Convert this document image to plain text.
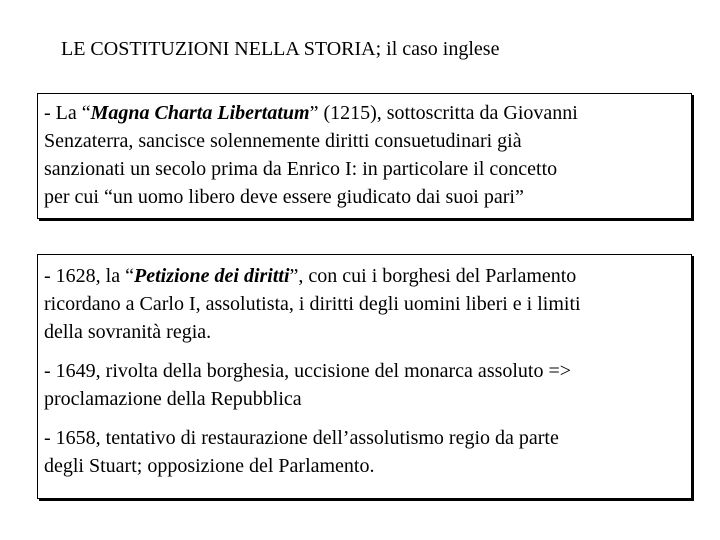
LE COSTITUZIONI NELLA STORIA; il caso inglese

- La “Magna Charta Libertatum” (1215), sottoscritta da Giovanni
Senzaterra, sancisce solennemente diritti consuetudinari già
sanzionati un secolo prima da Enrico I: in particolare il concetto
per cui “un uomo libero deve essere giudicato dai suoi pari”

- 1628, la “Petizione dei diritti”, con cui i borghesi del Parlamento
ricordano a Carlo I, assolutista, i diritti degli uomini liberi e i limiti
della sovranità regia.

- 1649, rivolta della borghesia, uccisione del monarca assoluto =>
proclamazione della Repubblica

- 1658, tentativo di restaurazione dell’assolutismo regio da parte
degli Stuart; opposizione del Parlamento.
